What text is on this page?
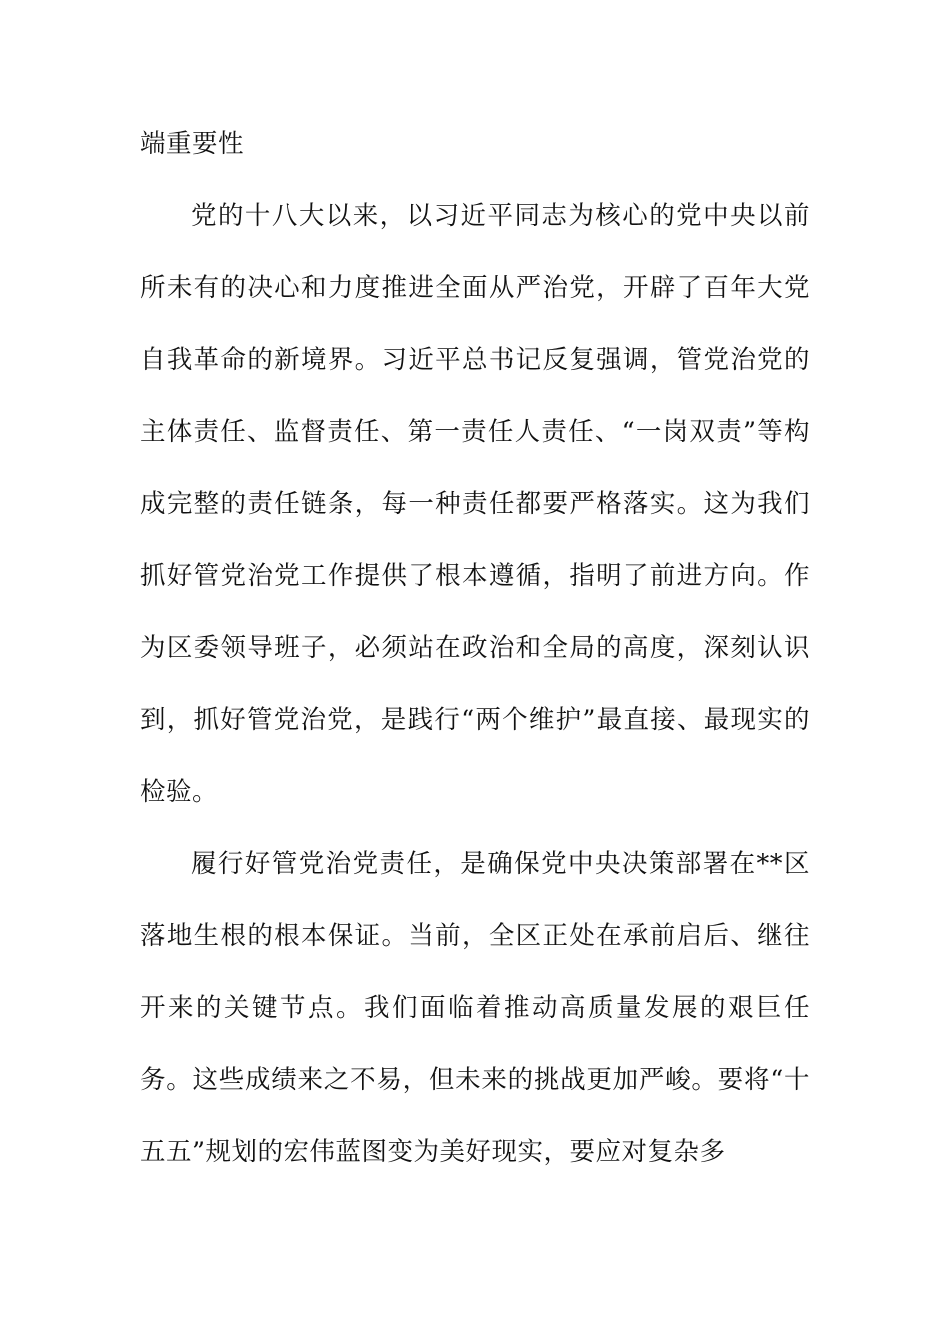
端重要性

党的十八大以来，以习近平同志为核心的党中央以前所未有的决心和力度推进全面从严治党，开辟了百年大党自我革命的新境界。习近平总书记反复强调，管党治党的主体责任、监督责任、第一责任人责任、“一岗双责”等构成完整的责任链条，每一种责任都要严格落实。这为我们抓好管党治党工作提供了根本遵循，指明了前进方向。作为区委领导班子，必须站在政治和全局的高度，深刻认识到，抓好管党治党，是践行“两个维护”最直接、最现实的检验。

履行好管党治党责任，是确保党中央决策部署在**区落地生根的根本保证。当前，全区正处在承前启后、继往开来的关键节点。我们面临着推动高质量发展的艰巨任务。这些成绩来之不易，但未来的挑战更加严峻。要将“十五五”规划的宏伟蓝图变为美好现实，要应对复杂多
